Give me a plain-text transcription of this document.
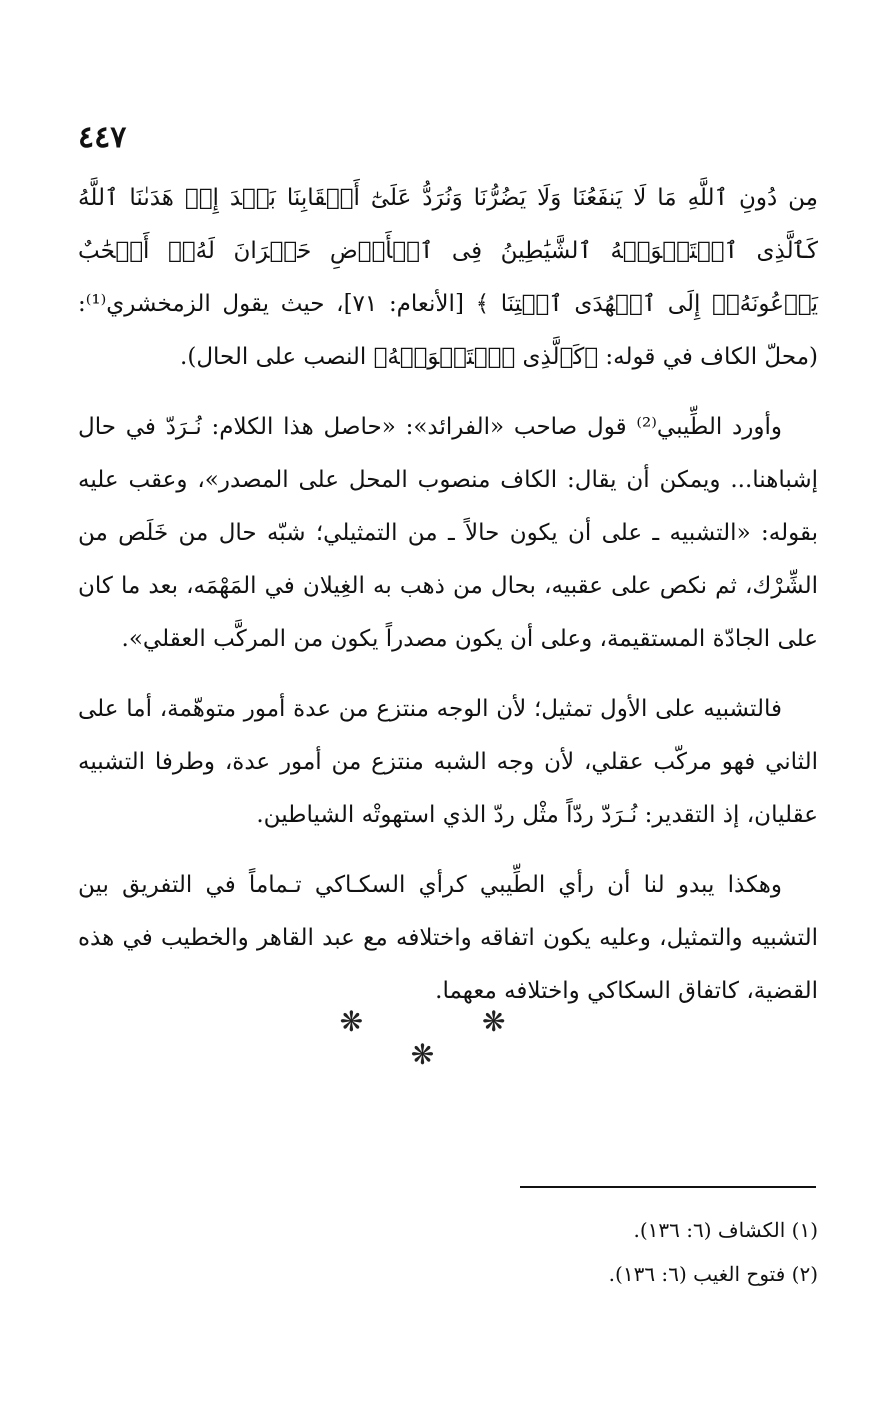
٤٤٧

مِن دُونِ ٱللَّهِ مَا لَا يَنفَعُنَا وَلَا يَضُرُّنَا وَنُرَدُّ عَلَىٰٓ أَعۡقَابِنَا بَعۡدَ إِذۡ هَدَىٰنَا ٱللَّهُ كَٱلَّذِى ٱسۡتَهۡوَتۡهُ ٱلشَّيَٰطِينُ فِى ٱلۡأَرۡضِ حَيۡرَانَ لَهُۥٓ أَصۡحَٰبٌ يَدۡعُونَهُۥٓ إِلَى ٱلۡهُدَى ٱئۡتِنَا ﴾ [الأنعام: ٧١]، حيث يقول الزمخشري⁽¹⁾: (محلّ الكاف في قوله: ﴿كَٱلَّذِى ٱسۡتَهۡوَتۡهُ﴾ النصب على الحال).

وأورد الطِّيبي⁽²⁾ قول صاحب «الفرائد»: «حاصل هذا الكلام: نُـرَدّ في حال إشباهنا... ويمكن أن يقال: الكاف منصوب المحل على المصدر»، وعقب عليه بقوله: «التشبيه ـ على أن يكون حالاً ـ من التمثيلي؛ شبّه حال من خَلَص من الشِّرْك، ثم نكص على عقبيه، بحال من ذهب به الغِيلان في المَهْمَه، بعد ما كان على الجادّة المستقيمة، وعلى أن يكون مصدراً يكون من المركَّب العقلي».

فالتشبيه على الأول تمثيل؛ لأن الوجه منتزع من عدة أمور متوهّمة، أما على الثاني فهو مركّب عقلي، لأن وجه الشبه منتزع من أمور عدة، وطرفا التشبيه عقليان، إذ التقدير: نُـرَدّ ردّاً مثْل ردّ الذي استهوتْه الشياطين.

وهكذا يبدو لنا أن رأي الطِّيبي كرأي السكـاكي تـماماً في التفريق بين التشبيه والتمثيل، وعليه يكون اتفاقه واختلافه مع عبد القاهر والخطيب في هذه القضية، كاتفاق السكاكي واختلافه معهما.

❋ ❋ ❋
(١) الكشاف (٦: ١٣٦).
(٢) فتوح الغيب (٦: ١٣٦).
